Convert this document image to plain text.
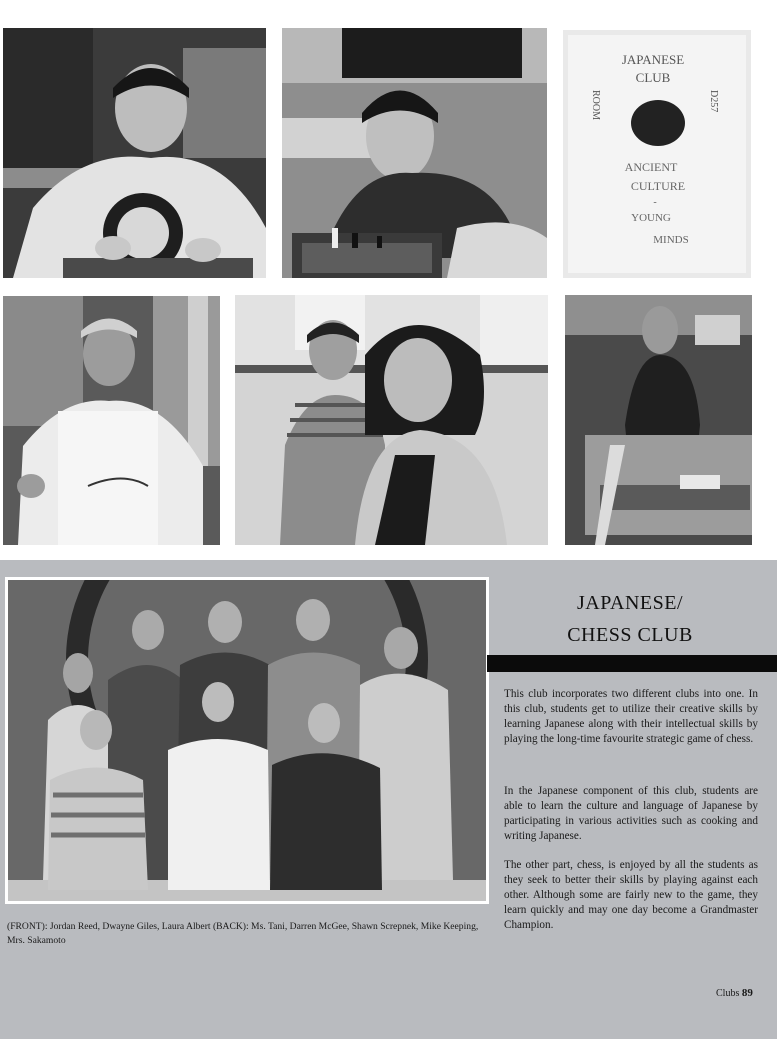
JAPANESE
CLUB
ROOM	D257
ANCIENT
CULTURE
-
YOUNG
MINDS
JAPANESE/
CHESS CLUB

This club incorporates two different clubs into one. In this club, students get to utilize their creative skills by learning Japanese along with their intellectual skills by playing the long-time favourite strategic game of chess.

In the Japanese component of this club, students are able to learn the culture and language of Japanese by participating in various activities such as cooking and writing Japanese.

The other part, chess, is enjoyed by all the students as they seek to better their skills by playing against each other. Although some are fairly new to the game, they learn quickly and may one day become a Grandmaster Champion.

(FRONT): Jordan Reed, Dwayne Giles, Laura Albert (BACK): Ms. Tani, Darren McGee, Shawn Screpnek, Mike Keeping, Mrs. Sakamoto

Clubs 89
